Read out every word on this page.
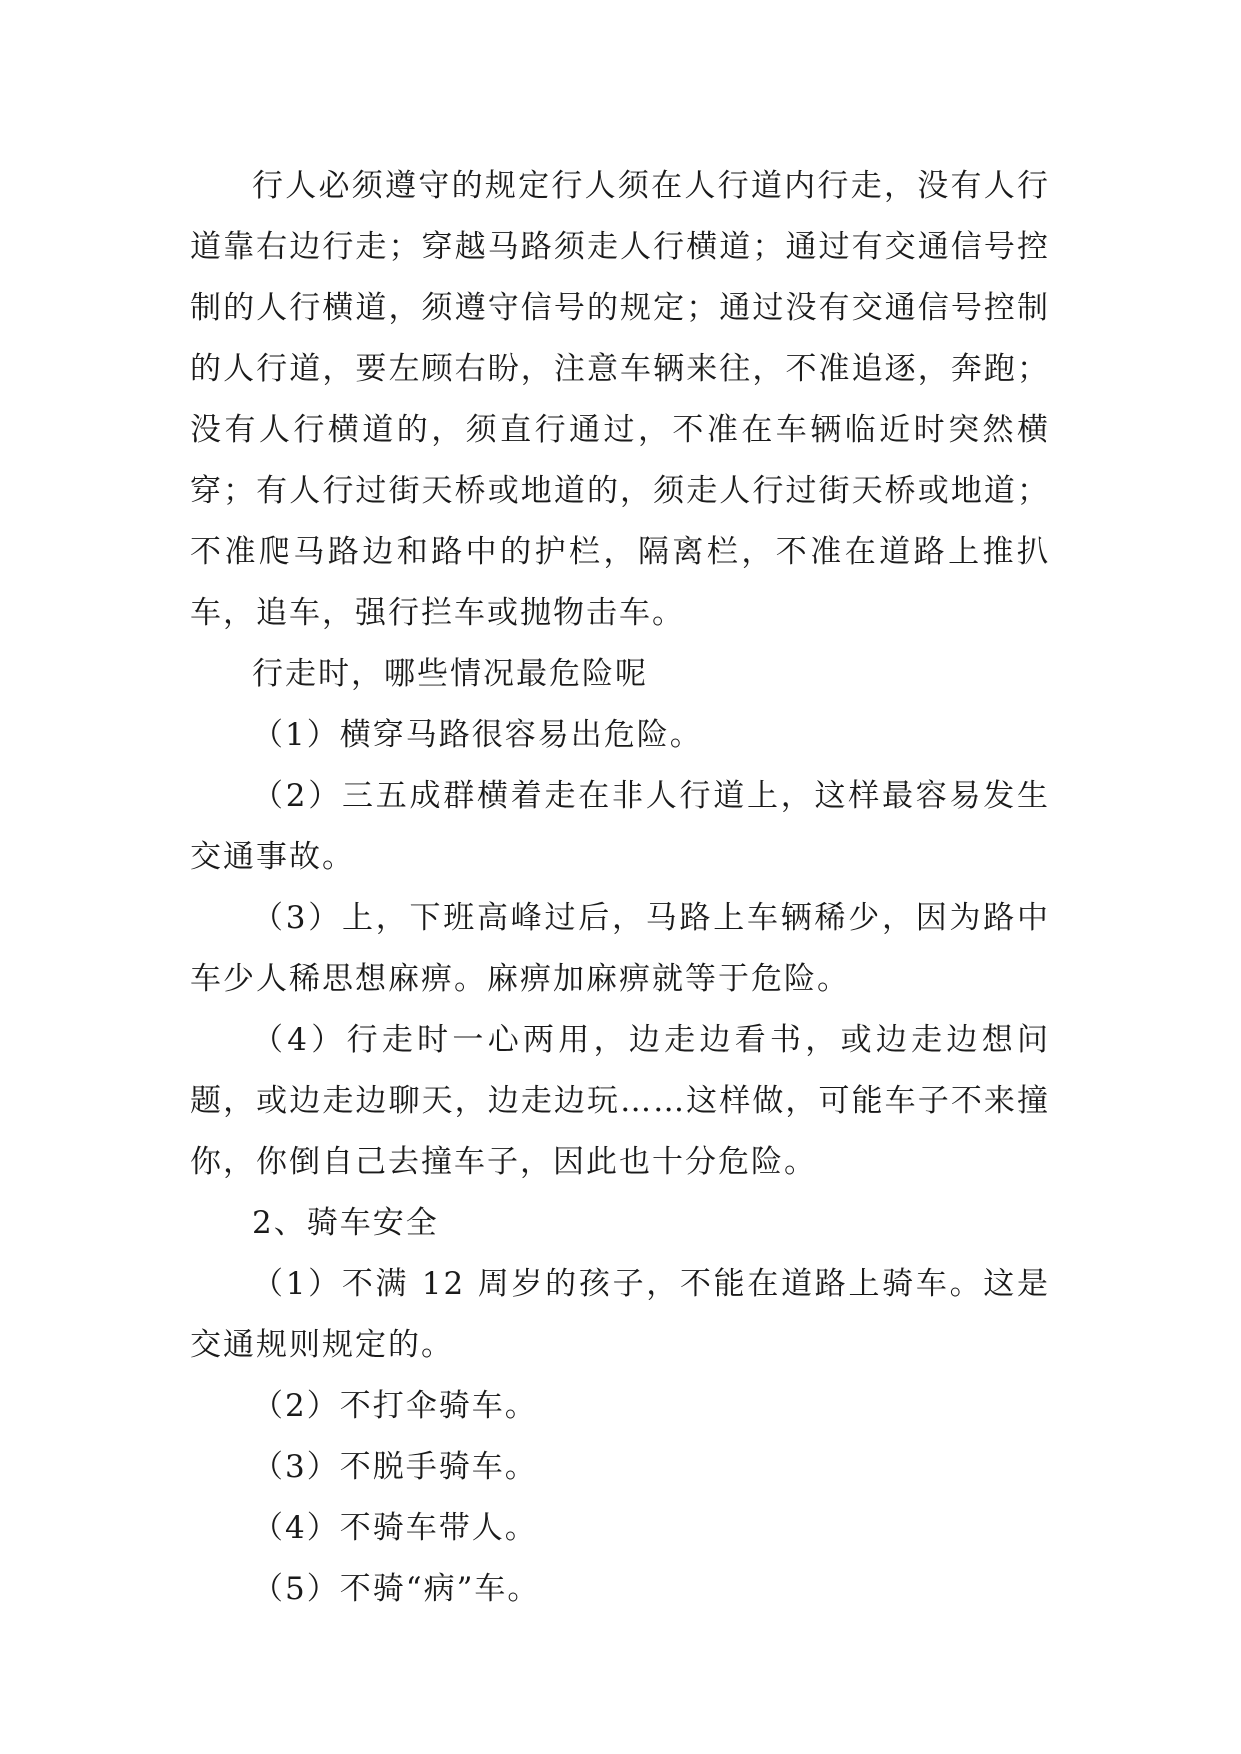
行人必须遵守的规定行人须在人行道内行走，没有人行道靠右边行走；穿越马路须走人行横道；通过有交通信号控制的人行横道，须遵守信号的规定；通过没有交通信号控制的人行道，要左顾右盼，注意车辆来往，不准追逐，奔跑；没有人行横道的，须直行通过，不准在车辆临近时突然横穿；有人行过街天桥或地道的，须走人行过街天桥或地道；不准爬马路边和路中的护栏，隔离栏，不准在道路上推扒车，追车，强行拦车或抛物击车。

行走时，哪些情况最危险呢

（1）横穿马路很容易出危险。

（2）三五成群横着走在非人行道上，这样最容易发生交通事故。

（3）上，下班高峰过后，马路上车辆稀少，因为路中车少人稀思想麻痹。麻痹加麻痹就等于危险。

（4）行走时一心两用，边走边看书，或边走边想问题，或边走边聊天，边走边玩……这样做，可能车子不来撞你，你倒自己去撞车子，因此也十分危险。

2、骑车安全

（1）不满 12 周岁的孩子，不能在道路上骑车。这是交通规则规定的。

（2）不打伞骑车。

（3）不脱手骑车。

（4）不骑车带人。

（5）不骑“病”车。
